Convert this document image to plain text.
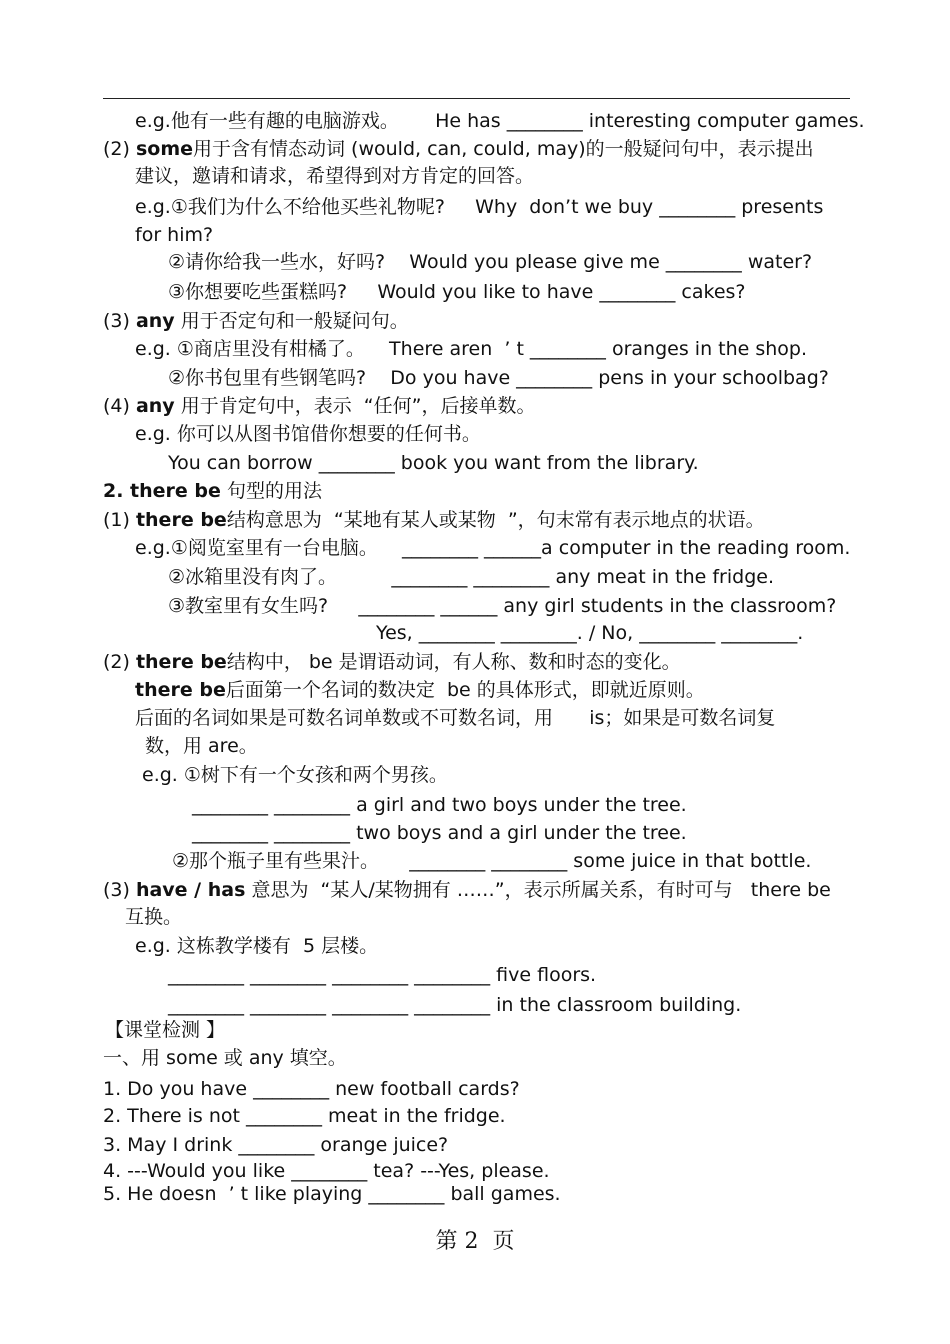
e.g.他有一些有趣的电脑游戏。      He has ________ interesting computer games.
(2) some用于含有情态动词 (would, can, could, may)的一般疑问句中，表示提出
建议，邀请和请求，希望得到对方肯定的回答。
e.g.①我们为什么不给他买些礼物呢?     Why  don’t we buy ________ presents
for him?
②请你给我一些水，好吗?    Would you please give me ________ water?
③你想要吃些蛋糕吗?     Would you like to have ________ cakes?
(3) any 用于否定句和一般疑问句。
e.g. ①商店里没有柑橘了。    There aren  ’ t ________ oranges in the shop.
②你书包里有些钢笔吗?    Do you have ________ pens in your schoolbag?
(4) any 用于肯定句中，表示  “任何”，后接单数。
e.g. 你可以从图书馆借你想要的任何书。
You can borrow ________ book you want from the library.
2. there be 句型的用法
(1) there be结构意思为  “某地有某人或某物  ”，句末常有表示地点的状语。
e.g.①阅览室里有一台电脑。    ________ ______a computer in the reading room.
②冰箱里没有肉了。         ________ ________ any meat in the fridge.
③教室里有女生吗?     ________ ______ any girl students in the classroom?
Yes, ________ ________. / No, ________ ________.
(2) there be结构中， be 是谓语动词，有人称、数和时态的变化。
there be后面第一个名词的数决定  be 的具体形式，即就近原则。
后面的名词如果是可数名词单数或不可数名词，用      is；如果是可数名词复
数，用 are。
e.g. ①树下有一个女孩和两个男孩。
________ ________ a girl and two boys under the tree.
________ ________ two boys and a girl under the tree.
②那个瓶子里有些果汁。     ________ ________ some juice in that bottle.
(3) have / has 意思为  “某人/某物拥有 ……”，表示所属关系，有时可与   there be
互换。
e.g. 这栋教学楼有  5 层楼。
________ ________ ________ ________ five floors.
________ ________ ________ ________ in the classroom building.
【课堂检测 】
一、用 some 或 any 填空。
1. Do you have ________ new football cards?
2. There is not ________ meat in the fridge.
3. May I drink ________ orange juice?
4. ---Would you like ________ tea? ---Yes, please.
5. He doesn  ’ t like playing ________ ball games.
第 2  页
